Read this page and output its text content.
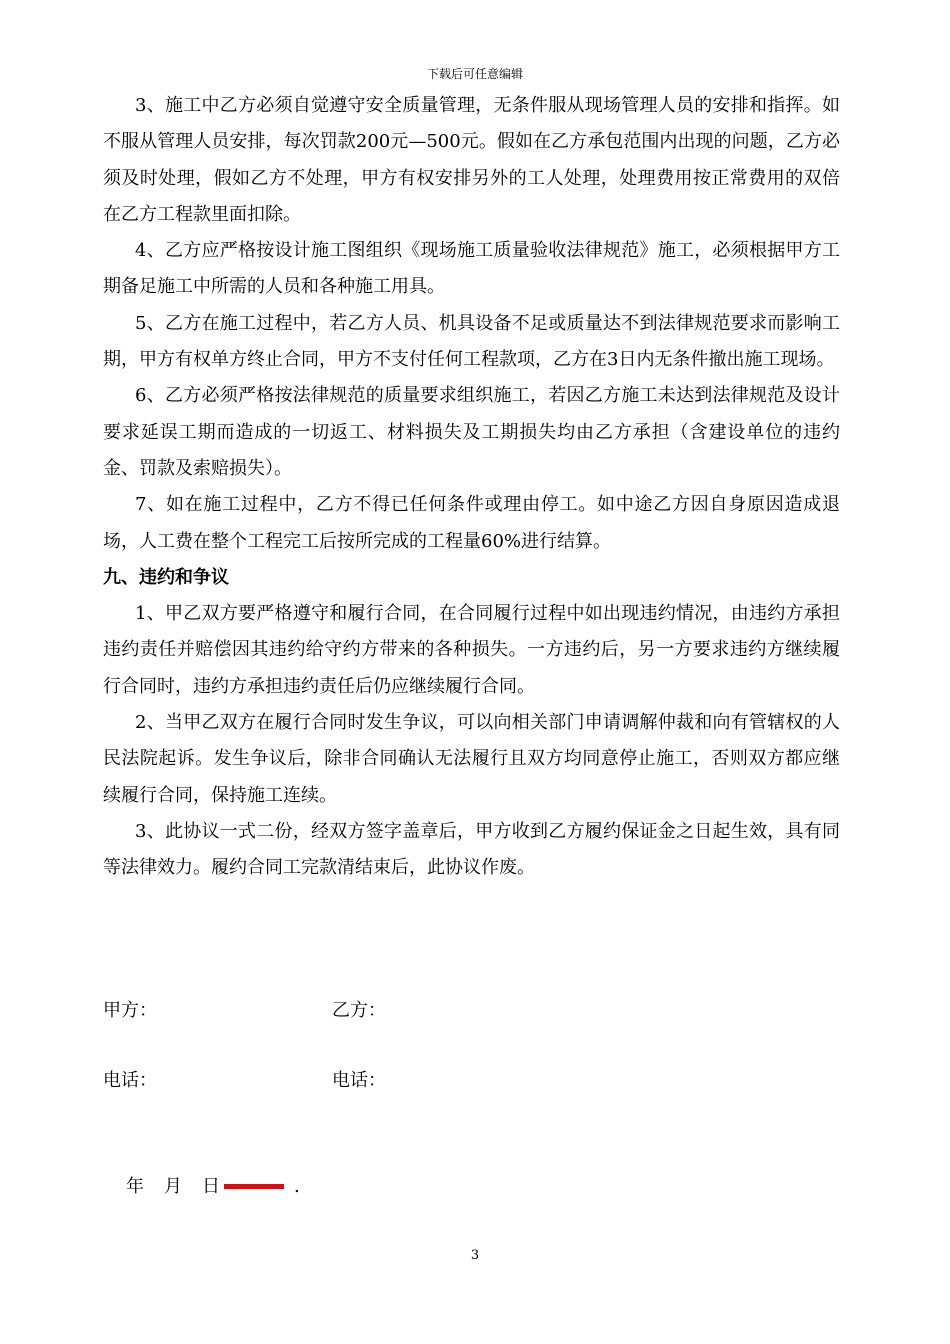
下载后可任意编辑

3、施工中乙方必须自觉遵守安全质量管理，无条件服从现场管理人员的安排和指挥。如不服从管理人员安排，每次罚款200元—500元。假如在乙方承包范围内出现的问题，乙方必须及时处理，假如乙方不处理，甲方有权安排另外的工人处理，处理费用按正常费用的双倍在乙方工程款里面扣除。

4、乙方应严格按设计施工图组织《现场施工质量验收法律规范》施工，必须根据甲方工期备足施工中所需的人员和各种施工用具。

5、乙方在施工过程中，若乙方人员、机具设备不足或质量达不到法律规范要求而影响工期，甲方有权单方终止合同，甲方不支付任何工程款项，乙方在3日内无条件撤出施工现场。

6、乙方必须严格按法律规范的质量要求组织施工，若因乙方施工未达到法律规范及设计要求延误工期而造成的一切返工、材料损失及工期损失均由乙方承担（含建设单位的违约金、罚款及索赔损失）。

7、如在施工过程中，乙方不得已任何条件或理由停工。如中途乙方因自身原因造成退场，人工费在整个工程完工后按所完成的工程量60%进行结算。

九、违约和争议

1、甲乙双方要严格遵守和履行合同，在合同履行过程中如出现违约情况，由违约方承担违约责任并赔偿因其违约给守约方带来的各种损失。一方违约后，另一方要求违约方继续履行合同时，违约方承担违约责任后仍应继续履行合同。

2、当甲乙双方在履行合同时发生争议，可以向相关部门申请调解仲裁和向有管辖权的人民法院起诉。发生争议后，除非合同确认无法履行且双方均同意停止施工，否则双方都应继续履行合同，保持施工连续。

3、此协议一式二份，经双方签字盖章后，甲方收到乙方履约保证金之日起生效，具有同等法律效力。履约合同工完款清结束后，此协议作废。

甲方：	乙方：
电话：	电话：
年 月 日	.
3
